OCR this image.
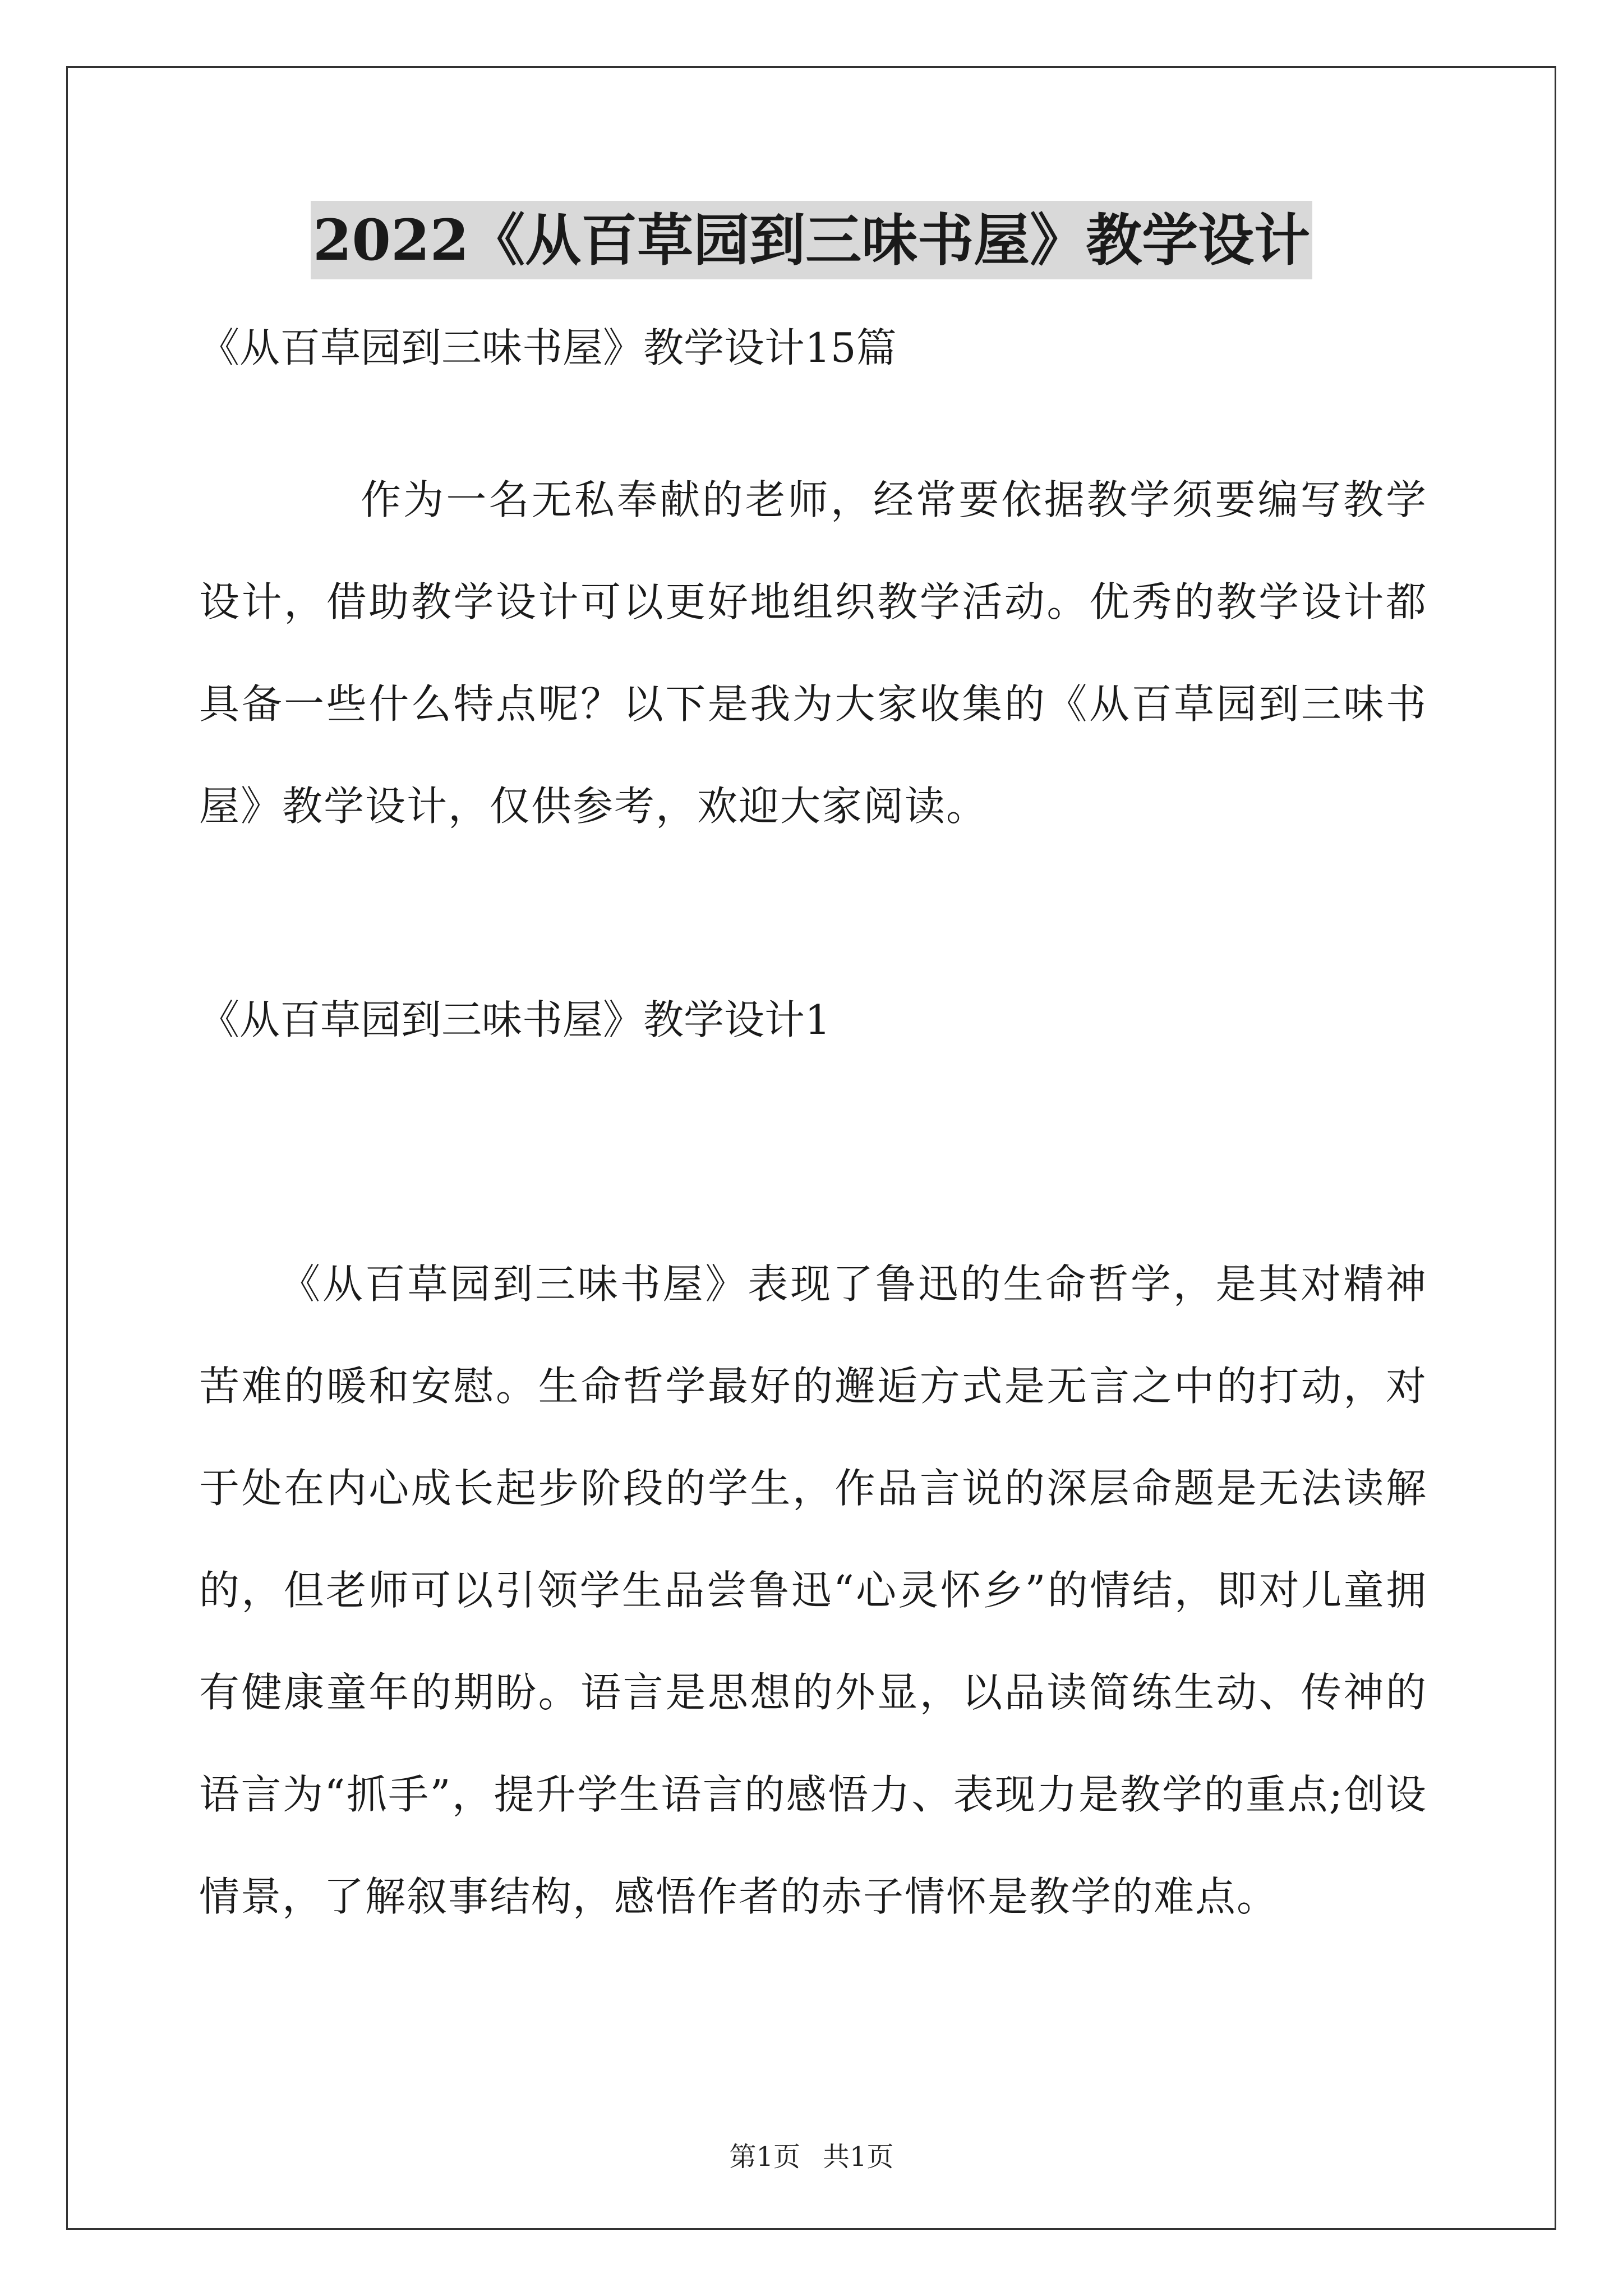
2022《从百草园到三味书屋》教学设计

《从百草园到三味书屋》教学设计15篇

作为一名无私奉献的老师，经常要依据教学须要编写教学设计，借助教学设计可以更好地组织教学活动。优秀的教学设计都具备一些什么特点呢？以下是我为大家收集的《从百草园到三味书屋》教学设计，仅供参考，欢迎大家阅读。

《从百草园到三味书屋》教学设计1

《从百草园到三味书屋》表现了鲁迅的生命哲学，是其对精神苦难的暖和安慰。生命哲学最好的邂逅方式是无言之中的打动，对于处在内心成长起步阶段的学生，作品言说的深层命题是无法读解的，但老师可以引领学生品尝鲁迅“心灵怀乡”的情结，即对儿童拥有健康童年的期盼。语言是思想的外显，以品读简练生动、传神的语言为“抓手”，提升学生语言的感悟力、表现力是教学的重点;创设情景，了解叙事结构，感悟作者的赤子情怀是教学的难点。

第1页 共1页
